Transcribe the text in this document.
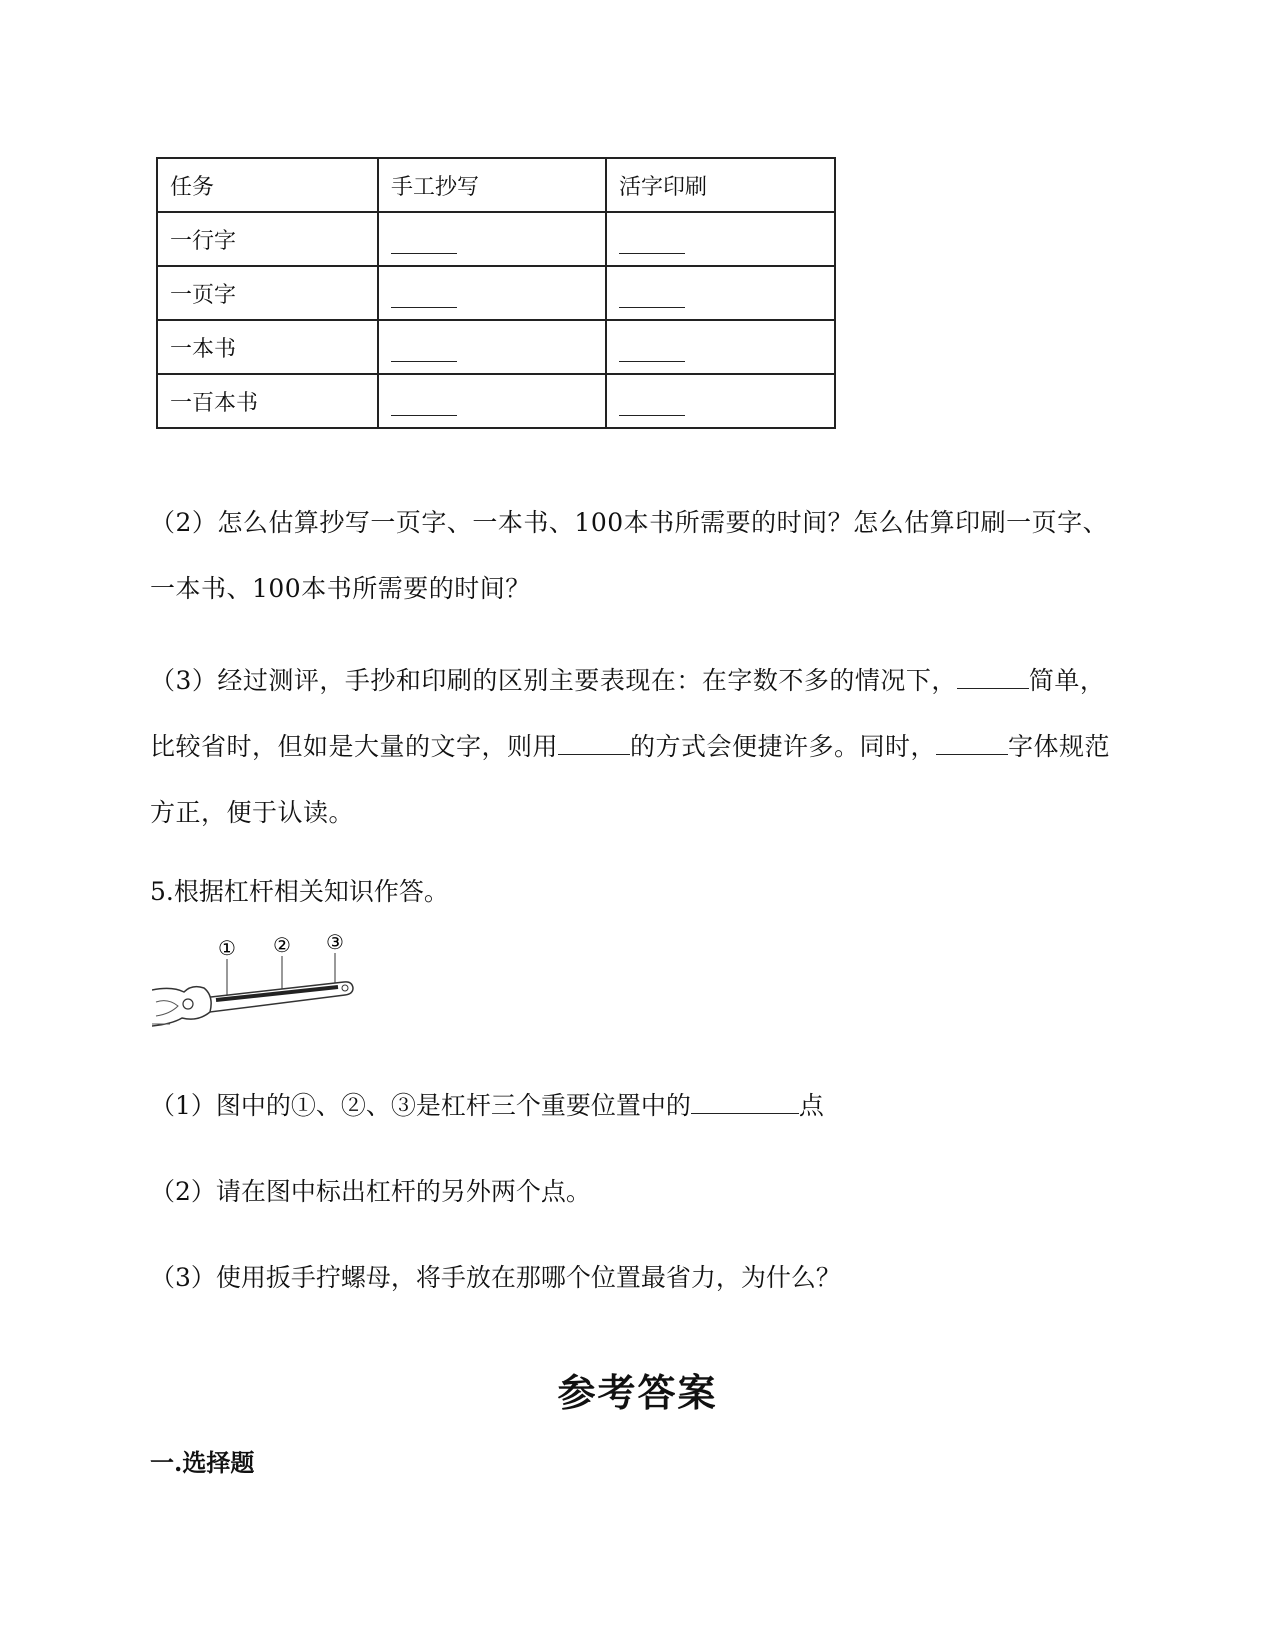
任务	手工抄写	活字印刷
一行字		
一页字		
一本书		
一百本书		
（2）怎么估算抄写一页字、一本书、100本书所需要的时间？怎么估算印刷一页字、一本书、100本书所需要的时间？
（3）经过测评，手抄和印刷的区别主要表现在：在字数不多的情况下，	简单，比较省时，但如是大量的文字，则用	的方式会便捷许多。同时，	字体规范方正，便于认读。
5.根据杠杆相关知识作答。
① ② ③
（1）图中的①、②、③是杠杆三个重要位置中的	点
（2）请在图中标出杠杆的另外两个点。
（3）使用扳手拧螺母，将手放在那哪个位置最省力，为什么？
参考答案
一.选择题
